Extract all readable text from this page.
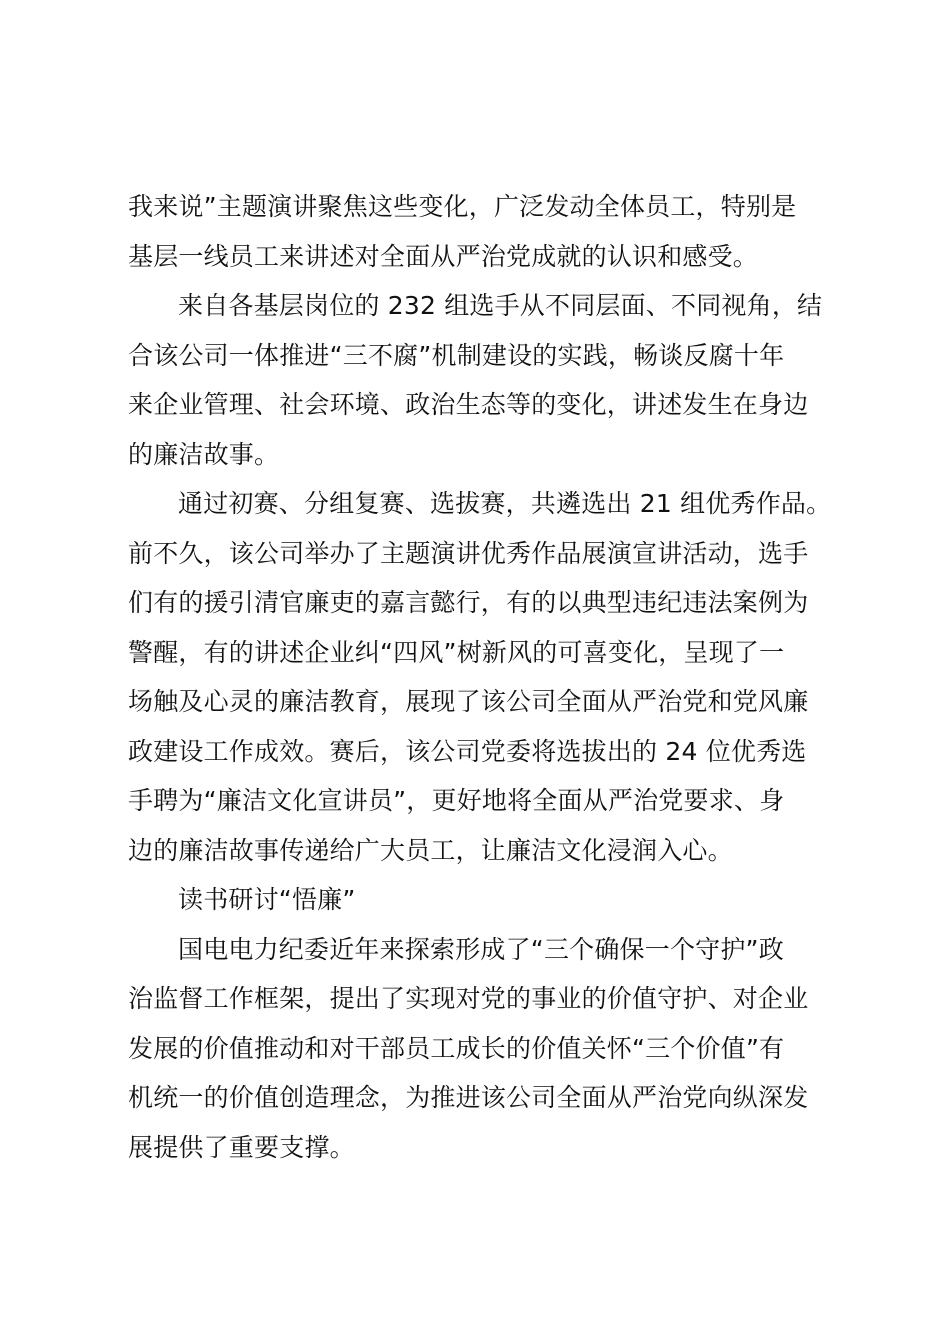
我来说”主题演讲聚焦这些变化，广泛发动全体员工，特别是
基层一线员工来讲述对全面从严治党成就的认识和感受。
来自各基层岗位的 232 组选手从不同层面、不同视角，结
合该公司一体推进“三不腐”机制建设的实践，畅谈反腐十年
来企业管理、社会环境、政治生态等的变化，讲述发生在身边
的廉洁故事。
通过初赛、分组复赛、选拔赛，共遴选出 21 组优秀作品。
前不久，该公司举办了主题演讲优秀作品展演宣讲活动，选手
们有的援引清官廉吏的嘉言懿行，有的以典型违纪违法案例为
警醒，有的讲述企业纠“四风”树新风的可喜变化，呈现了一
场触及心灵的廉洁教育，展现了该公司全面从严治党和党风廉
政建设工作成效。赛后，该公司党委将选拔出的 24 位优秀选
手聘为“廉洁文化宣讲员”，更好地将全面从严治党要求、身
边的廉洁故事传递给广大员工，让廉洁文化浸润入心。
读书研讨“悟廉”
国电电力纪委近年来探索形成了“三个确保一个守护”政
治监督工作框架，提出了实现对党的事业的价值守护、对企业
发展的价值推动和对干部员工成长的价值关怀“三个价值”有
机统一的价值创造理念，为推进该公司全面从严治党向纵深发
展提供了重要支撑。
